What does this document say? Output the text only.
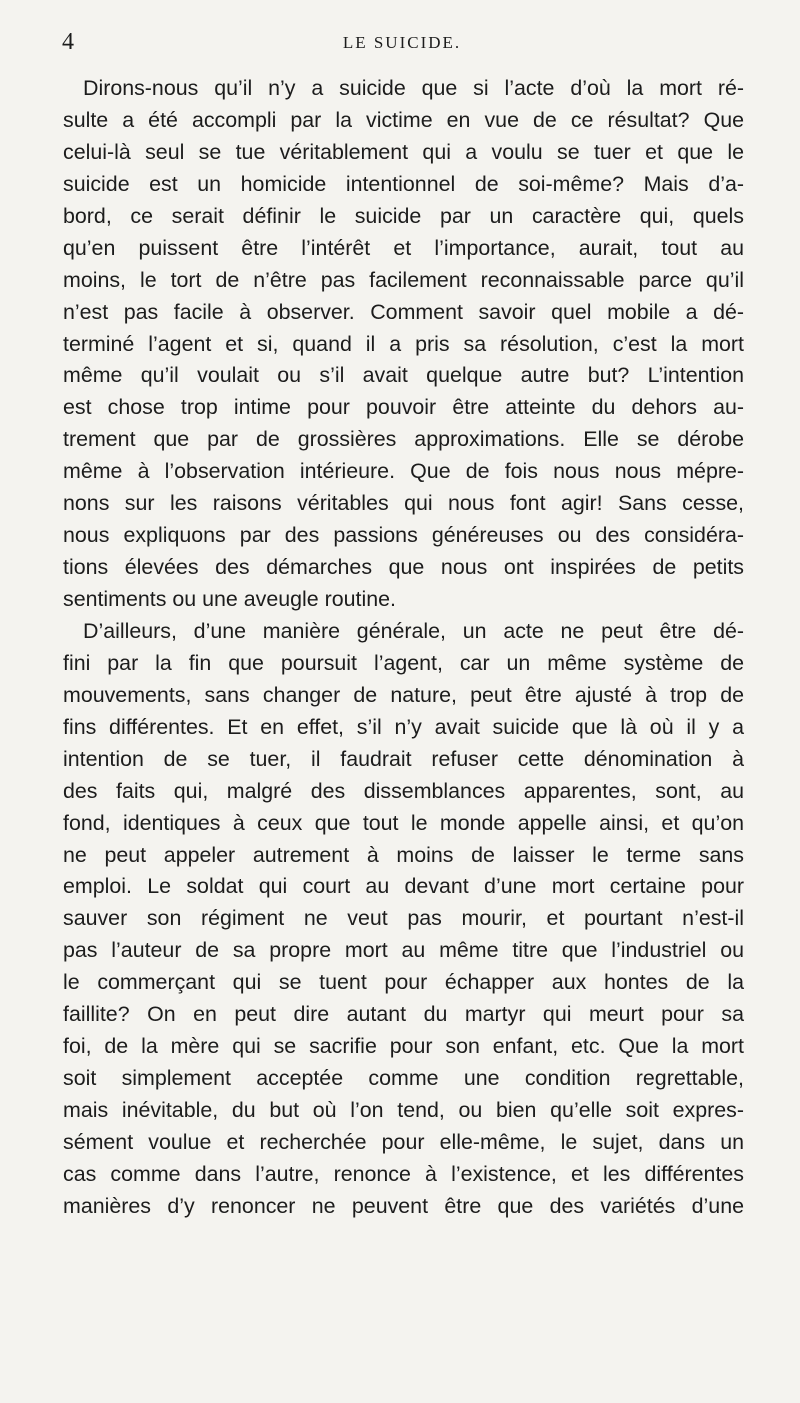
4	LE SUICIDE.
Dirons-nous qu’il n’y a suicide que si l’acte d’où la mort ré-
sulte a été accompli par la victime en vue de ce résultat? Que
celui-là seul se tue véritablement qui a voulu se tuer et que le
suicide est un homicide intentionnel de soi-même? Mais d’a-
bord, ce serait définir le suicide par un caractère qui, quels
qu’en puissent être l’intérêt et l’importance, aurait, tout au
moins, le tort de n’être pas facilement reconnaissable parce qu’il
n’est pas facile à observer. Comment savoir quel mobile a dé-
terminé l’agent et si, quand il a pris sa résolution, c’est la mort
même qu’il voulait ou s’il avait quelque autre but? L’intention
est chose trop intime pour pouvoir être atteinte du dehors au-
trement que par de grossières approximations. Elle se dérobe
même à l’observation intérieure. Que de fois nous nous mépre-
nons sur les raisons véritables qui nous font agir! Sans cesse,
nous expliquons par des passions généreuses ou des considéra-
tions élevées des démarches que nous ont inspirées de petits
sentiments ou une aveugle routine.
D’ailleurs, d’une manière générale, un acte ne peut être dé-
fini par la fin que poursuit l’agent, car un même système de
mouvements, sans changer de nature, peut être ajusté à trop de
fins différentes. Et en effet, s’il n’y avait suicide que là où il y a
intention de se tuer, il faudrait refuser cette dénomination à
des faits qui, malgré des dissemblances apparentes, sont, au
fond, identiques à ceux que tout le monde appelle ainsi, et qu’on
ne peut appeler autrement à moins de laisser le terme sans
emploi. Le soldat qui court au devant d’une mort certaine pour
sauver son régiment ne veut pas mourir, et pourtant n’est-il
pas l’auteur de sa propre mort au même titre que l’industriel ou
le commerçant qui se tuent pour échapper aux hontes de la
faillite? On en peut dire autant du martyr qui meurt pour sa
foi, de la mère qui se sacrifie pour son enfant, etc. Que la mort
soit simplement acceptée comme une condition regrettable,
mais inévitable, du but où l’on tend, ou bien qu’elle soit expres-
sément voulue et recherchée pour elle-même, le sujet, dans un
cas comme dans l’autre, renonce à l’existence, et les différentes
manières d’y renoncer ne peuvent être que des variétés d’une
